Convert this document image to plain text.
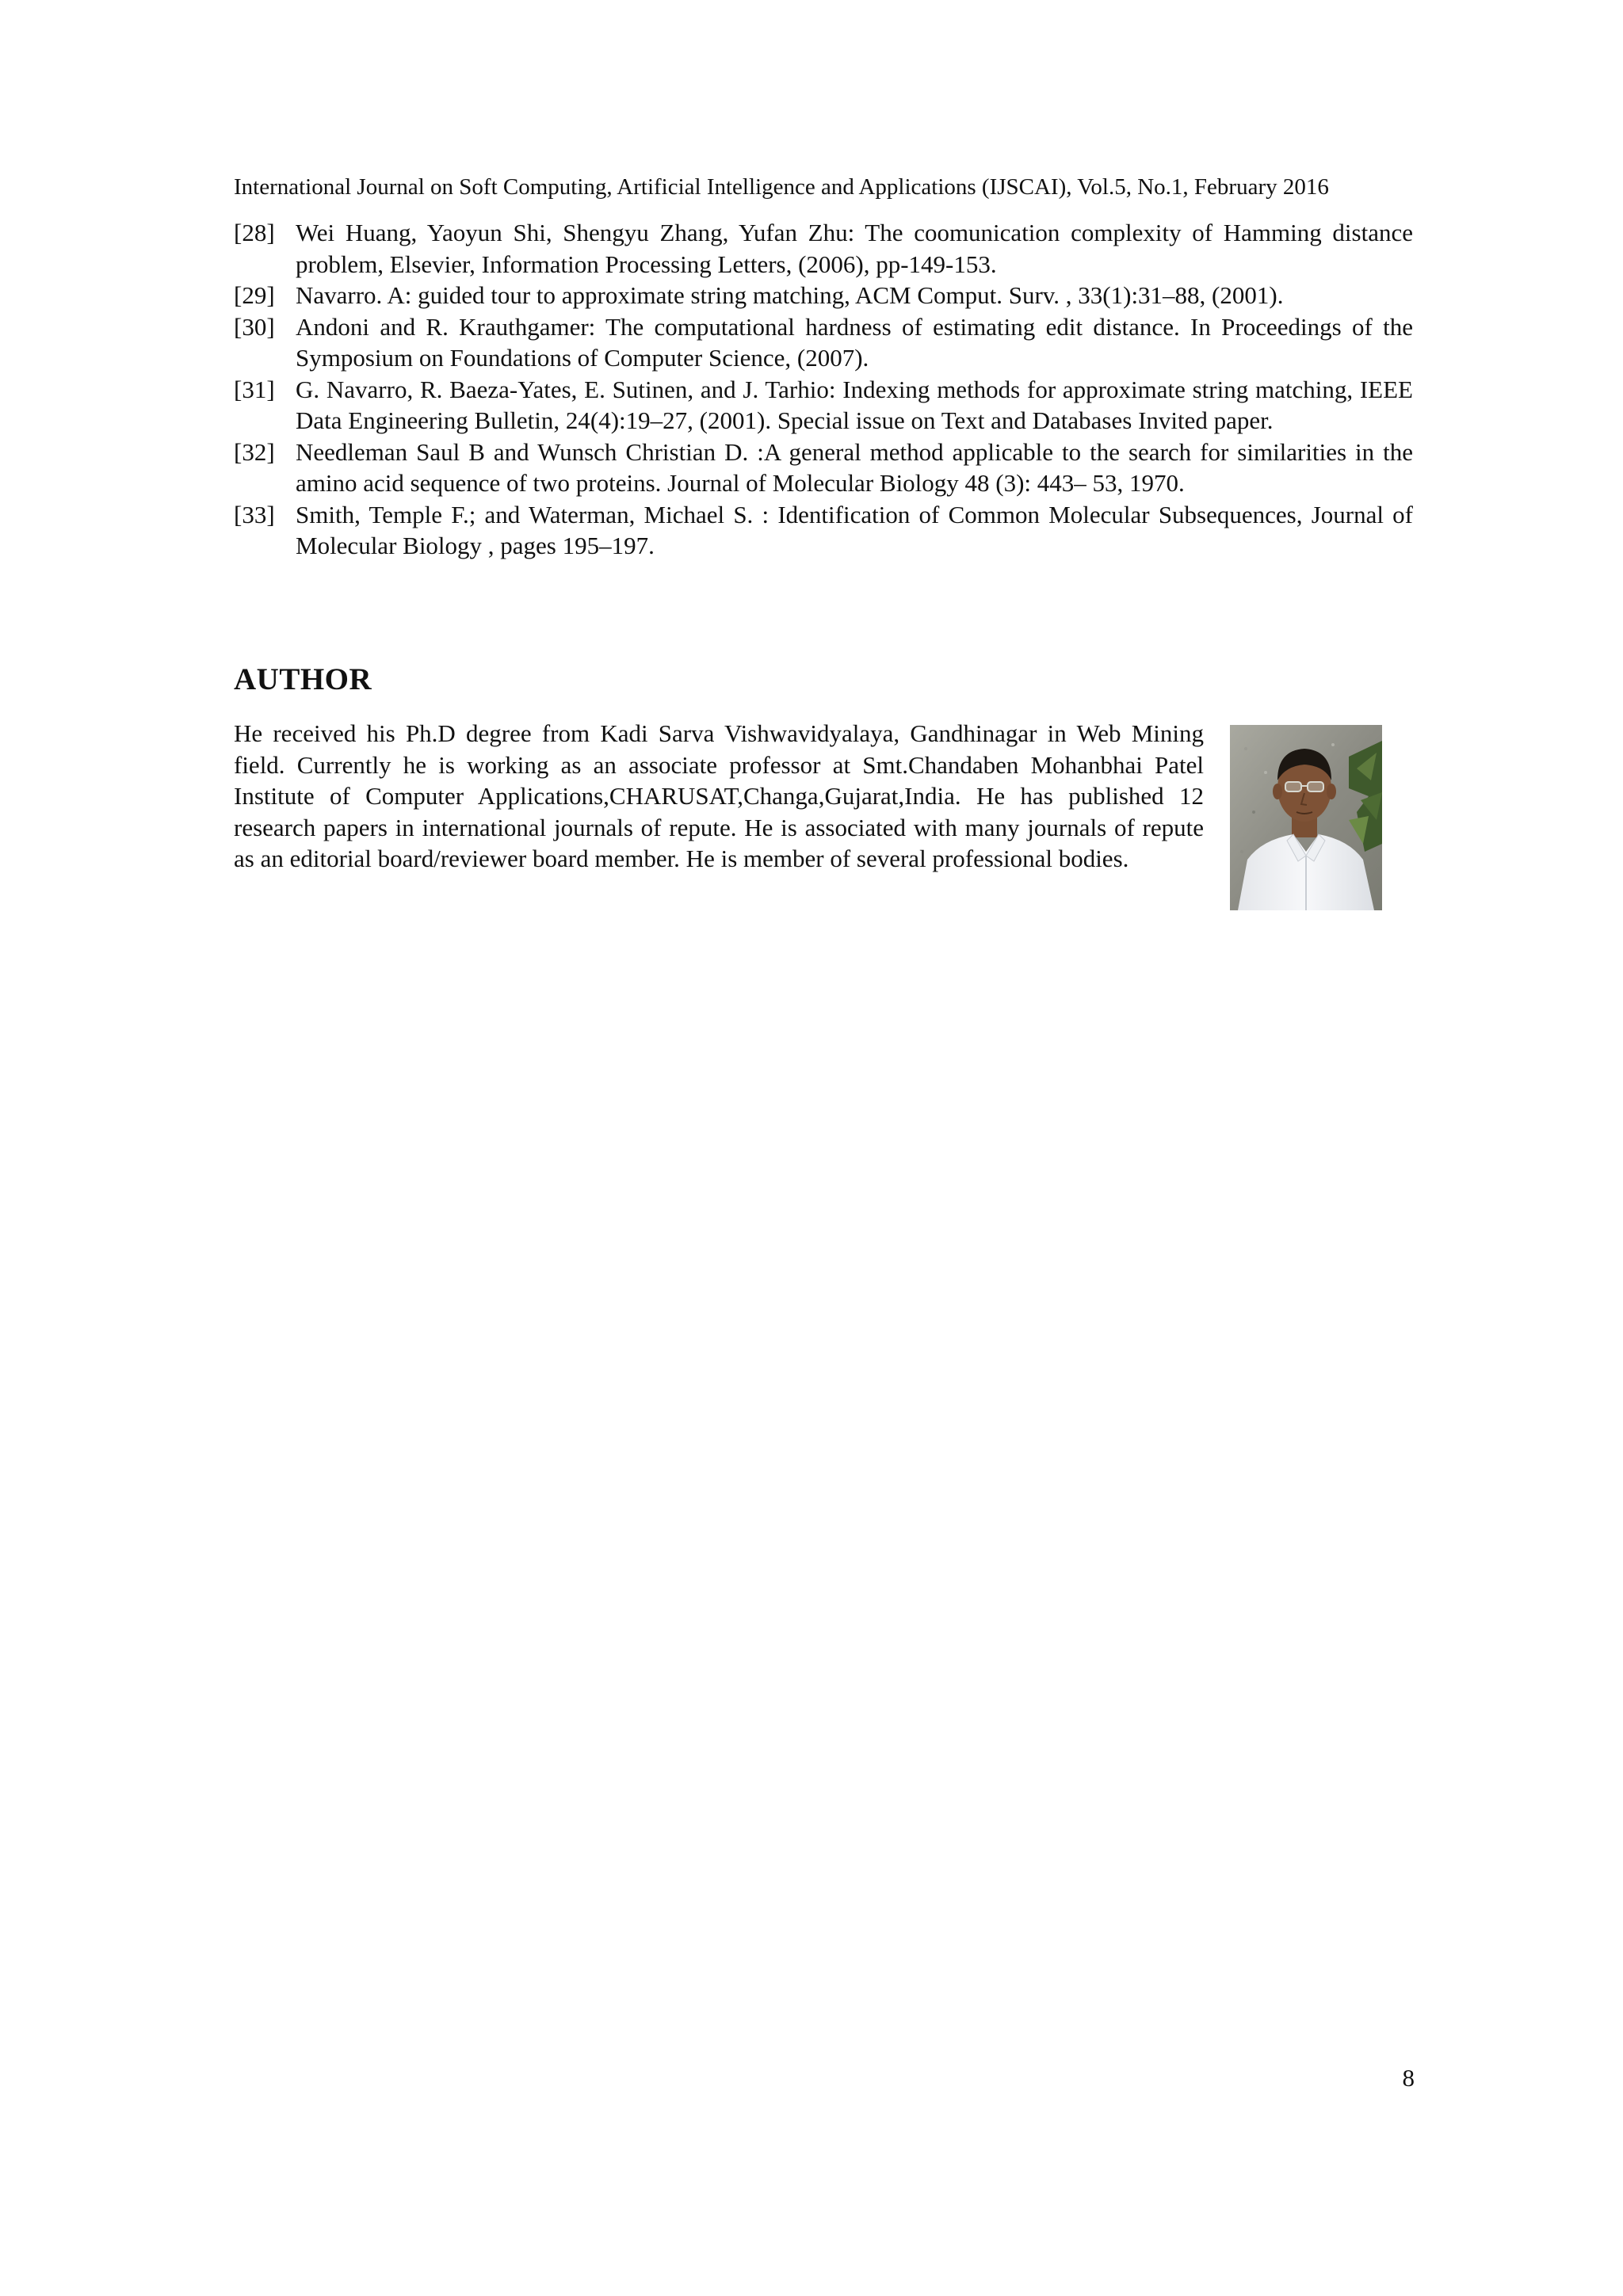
International Journal on Soft Computing, Artificial Intelligence and Applications (IJSCAI), Vol.5, No.1, February 2016
[28] Wei Huang, Yaoyun Shi, Shengyu Zhang, Yufan Zhu: The coomunication complexity of Hamming distance problem, Elsevier, Information Processing Letters, (2006), pp-149-153.
[29] Navarro. A: guided tour to approximate string matching, ACM Comput. Surv. , 33(1):31–88, (2001).
[30] Andoni and R. Krauthgamer: The computational hardness of estimating edit distance. In Proceedings of the Symposium on Foundations of Computer Science, (2007).
[31] G. Navarro, R. Baeza-Yates, E. Sutinen, and J. Tarhio: Indexing methods for approximate string matching, IEEE Data Engineering Bulletin, 24(4):19–27, (2001). Special issue on Text and Databases Invited paper.
[32] Needleman Saul B and Wunsch Christian D. :A general method applicable to the search for similarities in the amino acid sequence of two proteins. Journal of Molecular Biology 48 (3): 443– 53, 1970.
[33] Smith, Temple F.; and Waterman, Michael S. : Identification of Common Molecular Subsequences, Journal of Molecular Biology , pages 195–197.
AUTHOR

He received his Ph.D degree from Kadi Sarva Vishwavidyalaya, Gandhinagar in Web Mining field. Currently he is working as an associate professor at Smt.Chandaben Mohanbhai Patel Institute of Computer Applications,CHARUSAT,Changa,Gujarat,India. He has published 12 research papers in international journals of repute. He is associated with many journals of repute as an editorial board/reviewer board member. He is member of several professional bodies.

8
